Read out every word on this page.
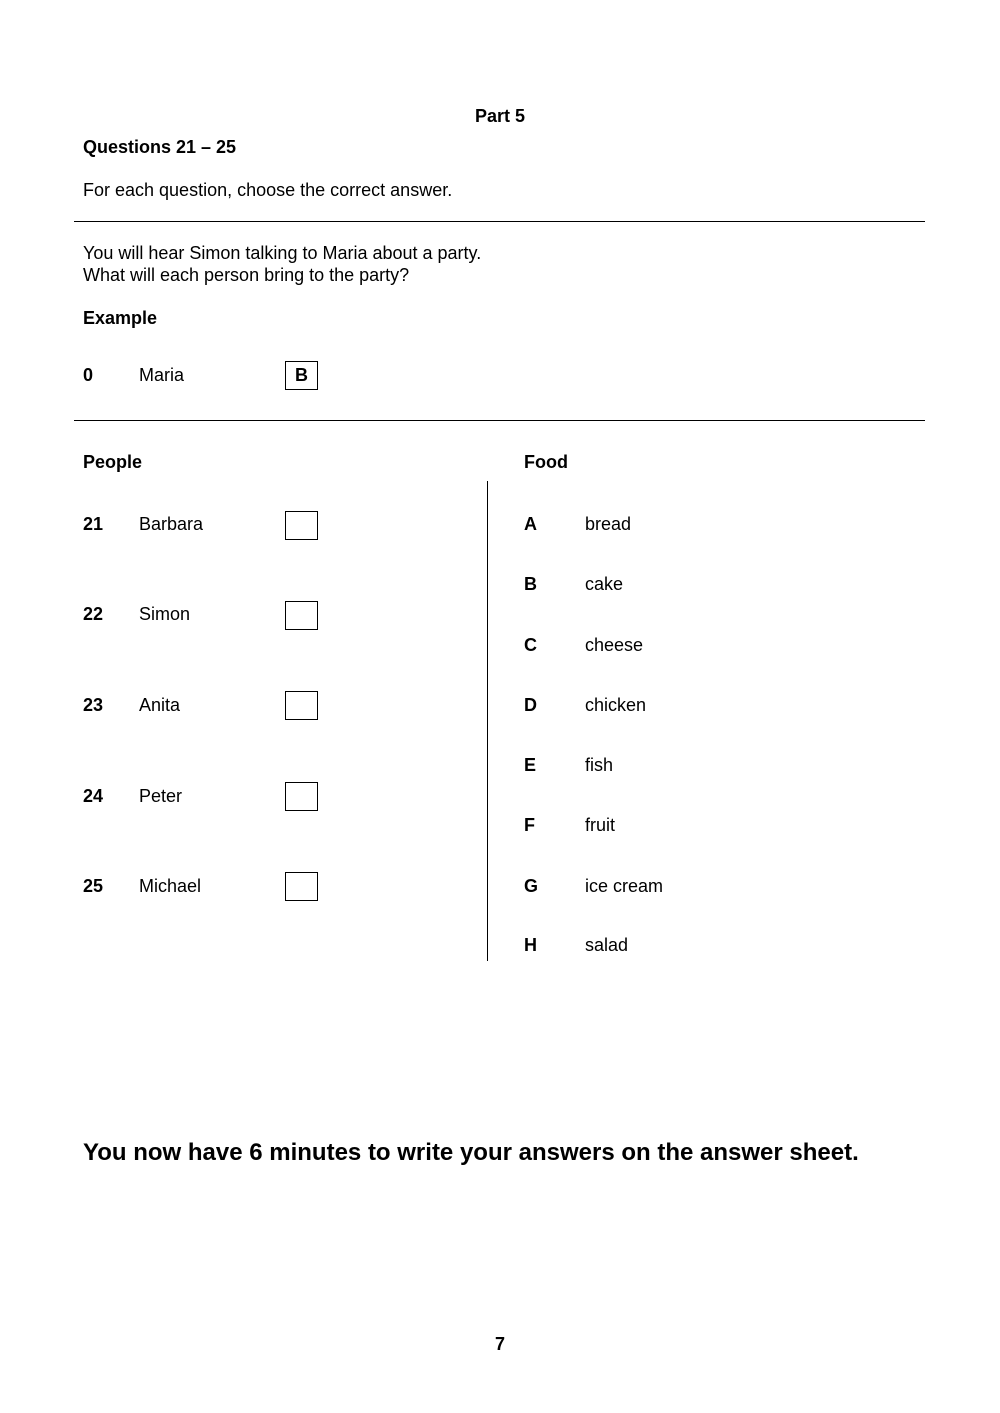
Part 5
Questions 21 – 25
For each question, choose the correct answer.
You will hear Simon talking to Maria about a party.
What will each person bring to the party?
Example
0	Maria	B
People	Food
21 Barbara
22 Simon
23 Anita
24 Peter
25 Michael
A	bread
B	cake
C	cheese
D	chicken
E	fish
F	fruit
G	ice cream
H	salad
You now have 6 minutes to write your answers on the answer sheet.
7
